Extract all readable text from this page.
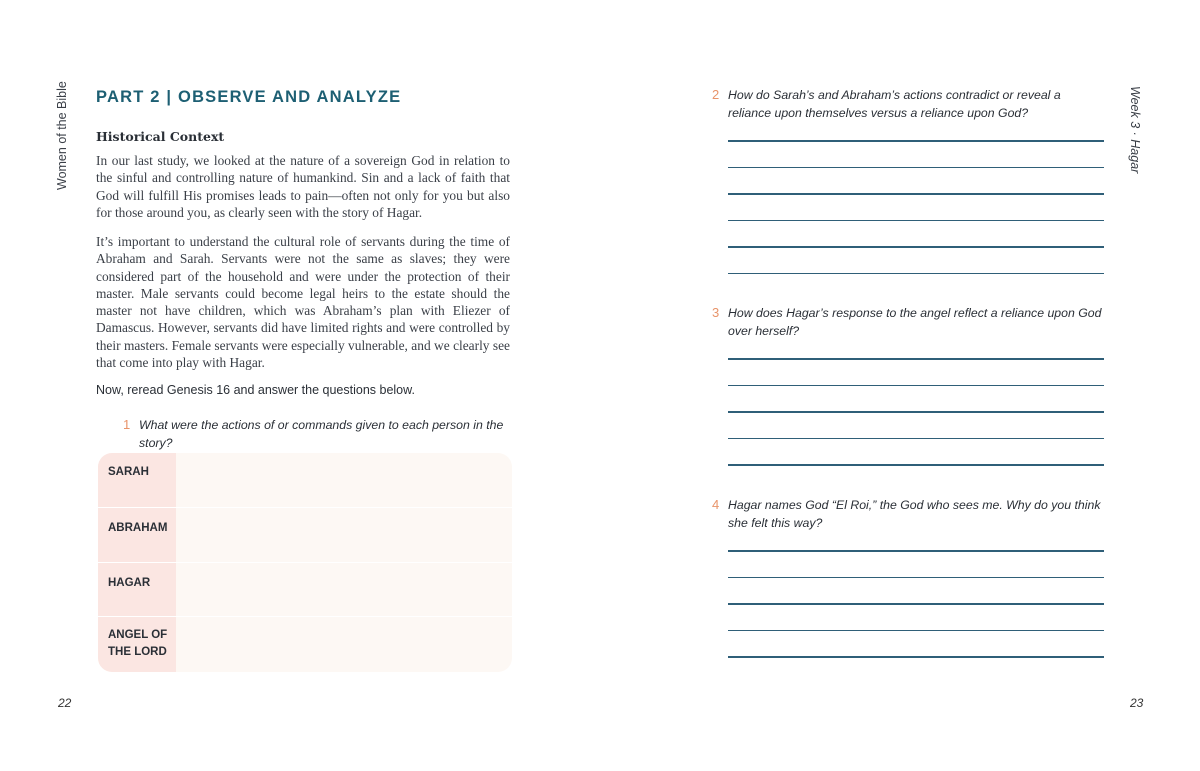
Women of the Bible PART 2 | OBSERVE AND ANALYZE
Historical Context

In our last study, we looked at the nature of a sovereign God in relation to the sinful and controlling nature of humankind. Sin and a lack of faith that God will fulfill His promises leads to pain—often not only for you but also for those around you, as clearly seen with the story of Hagar.

It’s important to understand the cultural role of servants during the time of Abraham and Sarah. Servants were not the same as slaves; they were considered part of the household and were under the protection of their master. Male servants could become legal heirs to the estate should the master not have children, which was Abraham’s plan with Eliezer of Damascus. However, servants did have limited rights and were controlled by their masters. Female servants were especially vulnerable, and we clearly see that come into play with Hagar.

Now, reread Genesis 16 and answer the questions below.

1 What were the actions of or commands given to each person in the story?
SARAH
ABRAHAM
HAGAR
ANGEL OF THE LORD
22
Week 3 · Hagar
2 How do Sarah’s and Abraham’s actions contradict or reveal a reliance upon themselves versus a reliance upon God?
3 How does Hagar’s response to the angel reflect a reliance upon God over herself?
4 Hagar names God “El Roi,” the God who sees me. Why do you think she felt this way?
23
